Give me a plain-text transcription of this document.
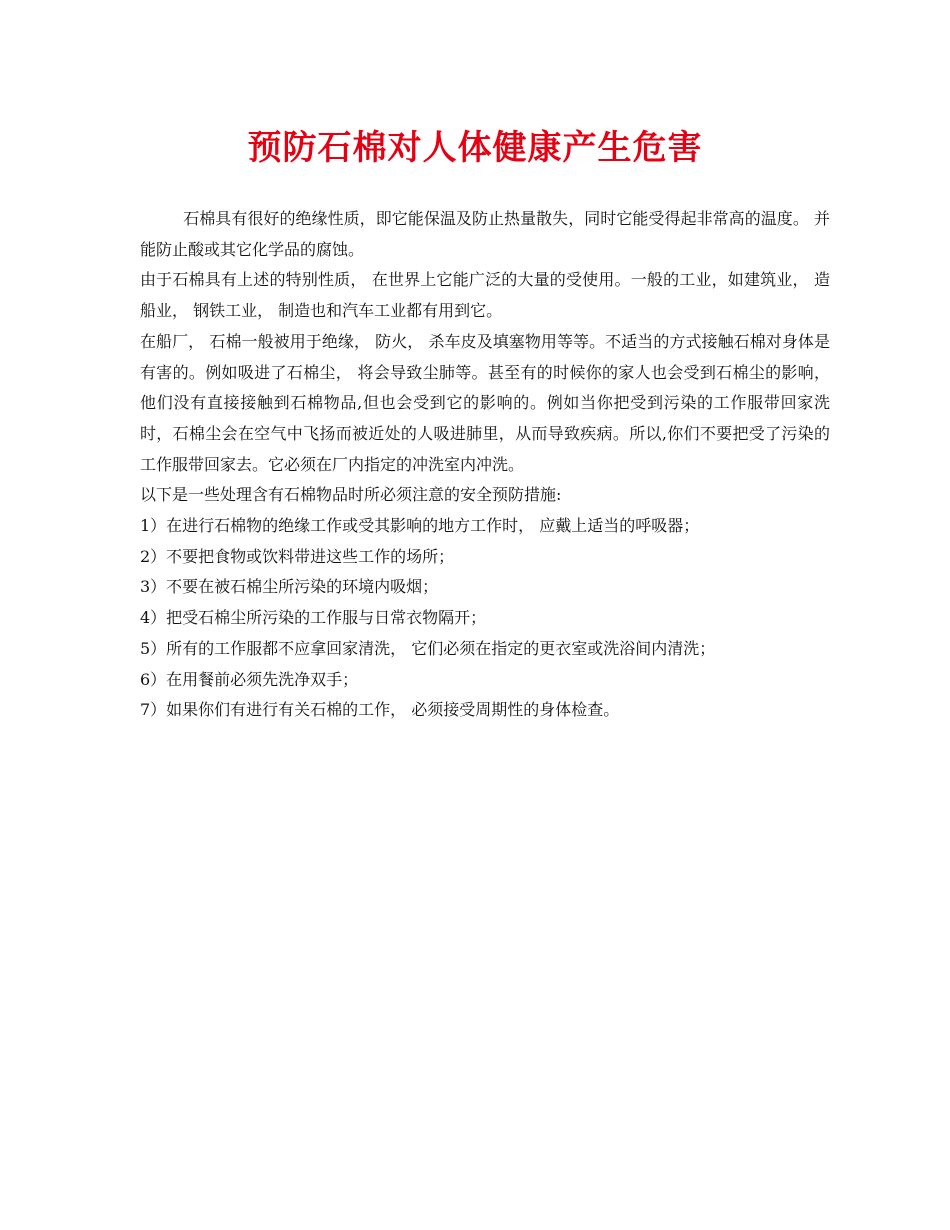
预防石棉对人体健康产生危害

石棉具有很好的绝缘性质，即它能保温及防止热量散失，同时它能受得起非常高的温度。 并能防止酸或其它化学品的腐蚀。

由于石棉具有上述的特别性质， 在世界上它能广泛的大量的受使用。一般的工业，如建筑业， 造船业， 钢铁工业， 制造也和汽车工业都有用到它。

在船厂， 石棉一般被用于绝缘， 防火， 杀车皮及填塞物用等等。不适当的方式接触石棉对身体是有害的。例如吸进了石棉尘， 将会导致尘肺等。甚至有的时候你的家人也会受到石棉尘的影响，他们没有直接接触到石棉物品,但也会受到它的影响的。例如当你把受到污染的工作服带回家洗时，石棉尘会在空气中飞扬而被近处的人吸进肺里，从而导致疾病。所以,你们不要把受了污染的工作服带回家去。它必须在厂内指定的冲洗室内冲洗。

以下是一些处理含有石棉物品时所必须注意的安全预防措施:

1）在进行石棉物的绝缘工作或受其影响的地方工作时， 应戴上适当的呼吸器；

2）不要把食物或饮料带进这些工作的场所；

3）不要在被石棉尘所污染的环境内吸烟；

4）把受石棉尘所污染的工作服与日常衣物隔开；

5）所有的工作服都不应拿回家清洗， 它们必须在指定的更衣室或洗浴间内清洗；

6）在用餐前必须先洗净双手；

7）如果你们有进行有关石棉的工作， 必须接受周期性的身体检查。
